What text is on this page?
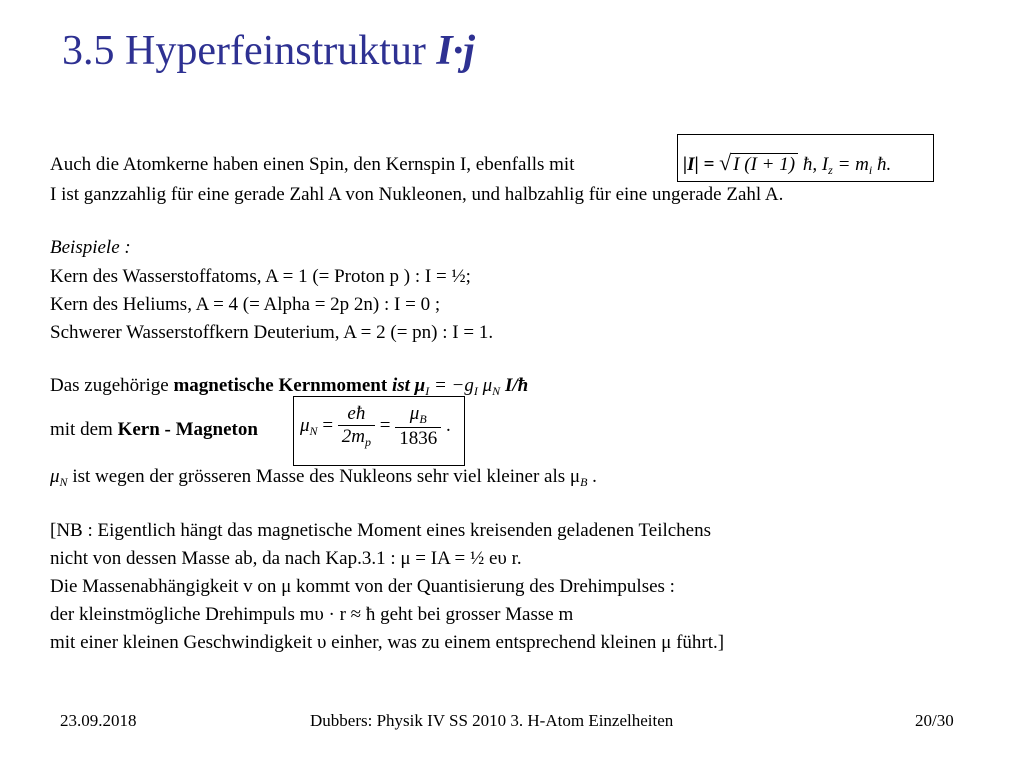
3.5 Hyperfeinstruktur I·j
Auch die Atomkerne haben einen Spin, den Kernspin I, ebenfalls mit	|I| = √ I (I + 1) ħ, $I_z = m_i$ ħ.
I ist ganzzahlig für eine gerade Zahl A von Nukleonen, und halbzahlig für eine ungerade Zahl A.
Beispiele :
Kern des Wasserstoffatoms, A = 1 (= Proton p ) : I = ½;
Kern des Heliums, A = 4 (= Alpha = 2p 2n) : I = 0 ;
Schwerer Wasserstoffkern Deuterium, A = 2 (= pn) : I = 1.
Das zugehörige magnetische Kernmoment ist $\mu_I = -g_I$ $\mu_N$ I/ħ
mit dem Kern - Magneton $\mu_N = \frac{eħ}{2m_p} = \frac{\mu_B}{1836}$ .
$\mu_N$ ist wegen der grösseren Masse des Nukleons sehr viel kleiner als $\mu_B$ .
[NB : Eigentlich hängt das magnetische Moment eines kreisenden geladenen Teilchens
nicht von dessen Masse ab, da nach Kap.3.1 : μ = IA = ½ eυ r.
Die Massenabhängigkeit v on μ kommt von der Quantisierung des Drehimpulses :
der kleinstmögliche Drehimpuls mυ · r ≈ ħ geht bei grosser Masse m
mit einer kleinen Geschwindigkeit υ einher, was zu einem entsprechend kleinen μ führt.]
23.09.2018	Dubbers: Physik IV SS 2010 3. H-Atom Einzelheiten	20/30
